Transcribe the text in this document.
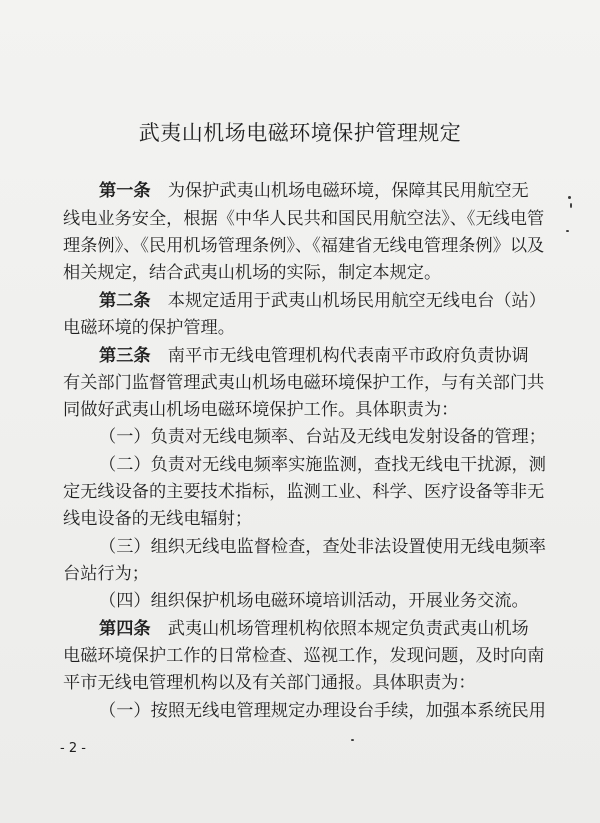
武夷山机场电磁环境保护管理规定

第一条　为保护武夷山机场电磁环境，保障其民用航空无

线电业务安全，根据《中华人民共和国民用航空法》、《无线电管

理条例》、《民用机场管理条例》、《福建省无线电管理条例》以及

相关规定，结合武夷山机场的实际，制定本规定。

第二条　本规定适用于武夷山机场民用航空无线电台（站）

电磁环境的保护管理。

第三条　南平市无线电管理机构代表南平市政府负责协调

有关部门监督管理武夷山机场电磁环境保护工作，与有关部门共

同做好武夷山机场电磁环境保护工作。具体职责为：

（一）负责对无线电频率、台站及无线电发射设备的管理；

（二）负责对无线电频率实施监测，查找无线电干扰源，测

定无线设备的主要技术指标，监测工业、科学、医疗设备等非无

线电设备的无线电辐射；

（三）组织无线电监督检查，查处非法设置使用无线电频率

台站行为；

（四）组织保护机场电磁环境培训活动，开展业务交流。

第四条　武夷山机场管理机构依照本规定负责武夷山机场

电磁环境保护工作的日常检查、巡视工作，发现问题，及时向南

平市无线电管理机构以及有关部门通报。具体职责为：

（一）按照无线电管理规定办理设台手续，加强本系统民用

- 2 -
